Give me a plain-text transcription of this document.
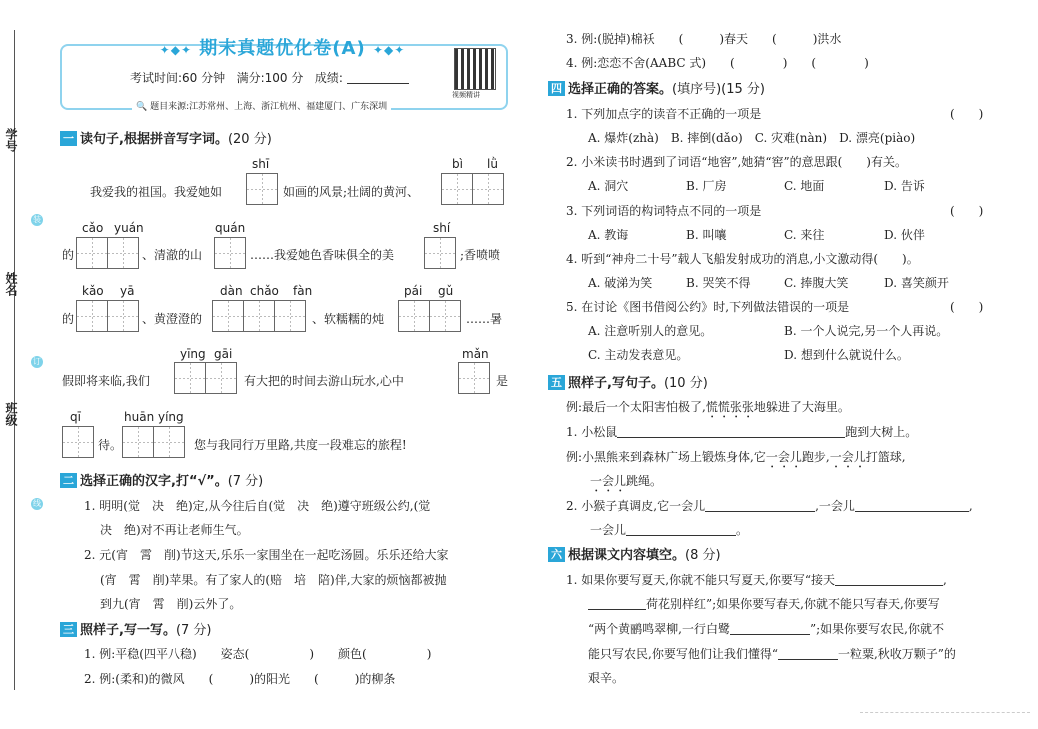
学号
姓名
班级
装
订
线
✦◆✦ 期末真题优化卷(A) ✦◆✦
考试时间:60 分钟 满分:100 分 成绩:
视频精讲
🔍 题目来源:江苏常州、上海、浙江杭州、福建厦门、广东深圳
一 读句子,根据拼音写字词。(20 分)
shī	bì lǜ
我爱我的祖国。我爱她如	如画的风景;壮阔的黄河、
cǎo yuán	quán	shí
的	、清澈的山	……我爱她色香味俱全的美	;香喷喷
kǎo yā	dàn chǎo fàn	pái gǔ
的	、黄澄澄的	、软糯糯的炖	……暑
yīng gāi	mǎn
假即将来临,我们	有大把的时间去游山玩水,心中	是
qī	huān yíng
待。	您与我同行万里路,共度一段难忘的旅程!
二 选择正确的汉字,打“√”。(7 分)
1. 明明(觉　决　绝)定,从今往后自(觉　决　绝)遵守班级公约,(觉
决　绝)对不再让老师生气。
2. 元(宵　霄　削)节这天,乐乐一家围坐在一起吃汤圆。乐乐还给大家
(宵　霄　削)苹果。有了家人的(赔　培　陪)伴,大家的烦恼都被抛
到九(宵　霄　削)云外了。
三 照样子,写一写。(7 分)
1. 例:平稳(四平八稳)　　姿态(　　　　　)　　颜色(　　　　　)
2. 例:(柔和)的微风　　(　　　)的阳光　　(　　　)的柳条
3. 例:(脱掉)棉袄　　(　　　)春天　　(　　　)洪水
4. 例:恋恋不舍(AABC 式)　　(　　　　)　　(　　　　)
四 选择正确的答案。(填序号)(15 分)
1. 下列加点字的读音不正确的一项是	(　　)
A. 爆炸(zhà)　B. 摔倒(dǎo)　C. 灾难(nàn)　D. 漂亮(piào)
2. 小米读书时遇到了词语“地窖”,她猜“窖”的意思跟(　　)有关。
A. 洞穴	B. 厂房	C. 地面	D. 告诉
3. 下列词语的构词特点不同的一项是	(　　)
A. 教诲	B. 叫嚷	C. 来往	D. 伙伴
4. 听到“神舟二十号”载人飞船发射成功的消息,小文激动得(　　)。
A. 破涕为笑	B. 哭笑不得	C. 捧腹大笑	D. 喜笑颜开
5. 在讨论《图书借阅公约》时,下列做法错误的一项是	(　　)
A. 注意听别人的意见。	B. 一个人说完,另一个人再说。
C. 主动发表意见。	D. 想到什么就说什么。
五 照样子,写句子。(10 分)
例:最后一个太阳害怕极了,慌慌张张地躲进了大海里。
1. 小松鼠	跑到大树上。
例:小黑熊来到森林广场上锻炼身体,它一会儿跑步,一会儿打篮球,
一会儿跳绳。
2. 小猴子真调皮,它一会儿	,一会儿	,
一会儿	。
六 根据课文内容填空。(8 分)
1. 如果你要写夏天,你就不能只写夏天,你要写“接天	,
荷花别样红”;如果你要写春天,你就不能只写春天,你要写
“两个黄鹂鸣翠柳,一行白鹭	”;如果你要写农民,你就不
能只写农民,你要写他们让我们懂得“	一粒粟,秋收万颗子”的
艰辛。
